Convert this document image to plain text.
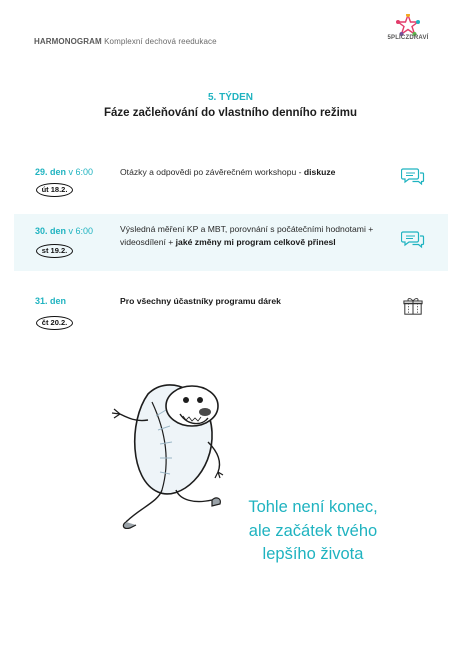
HARMONOGRAM Komplexní dechová reedukace	5PLÍCZDRAVÍ
5. TÝDEN
Fáze začleňování do vlastního denního režimu
29. den v 6:00
út 18.2.
Otázky a odpovědi po závěrečném workshopu - diskuze
30. den v 6:00
st 19.2.
Výsledná měření KP a MBT, porovnání s počátečními hodnotami + videosdílení + jaké změny mi program celkově přinesl
31. den
čt 20.2.
Pro všechny účastníky programu dárek
Tohle není konec,
ale začátek tvého
lepšího života
